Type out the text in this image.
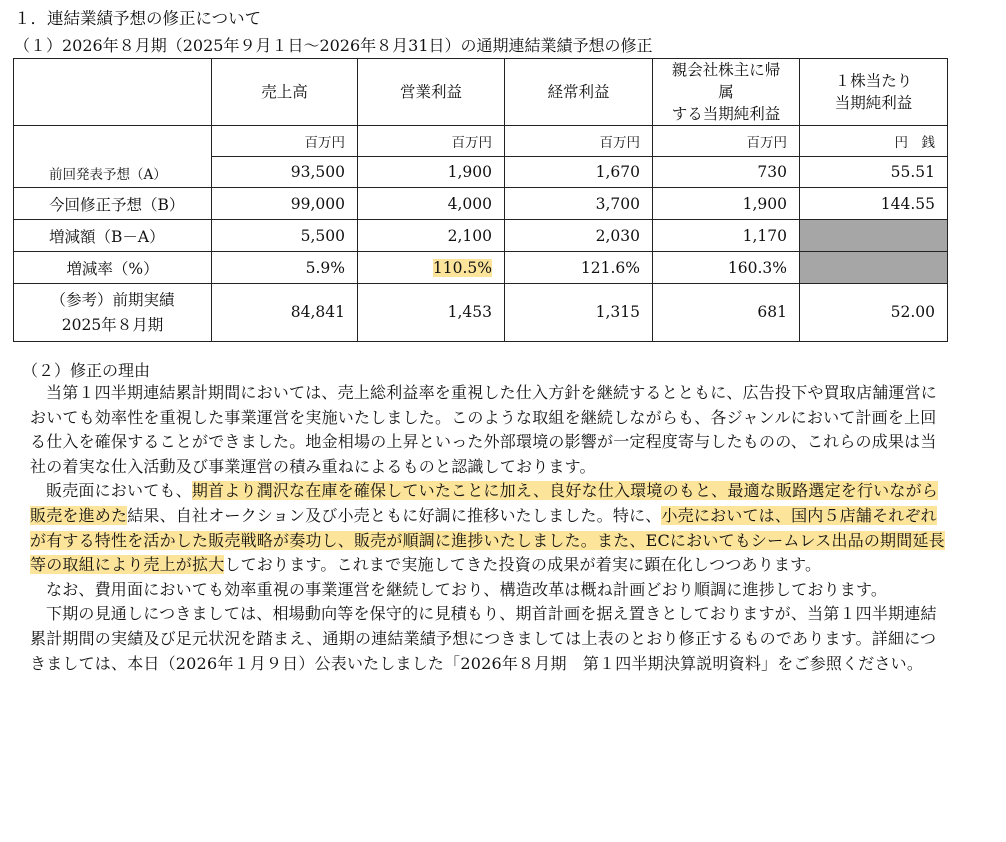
１．連結業績予想の修正について
（１）2026年８月期（2025年９月１日～2026年８月31日）の通期連結業績予想の修正
	売上高	営業利益	経常利益	親会社株主に帰属
する当期純利益	１株当たり
当期純利益
前回発表予想（A）	百万円	百万円	百万円	百万円	円　銭
	93,500	1,900	1,670	730	55.51
今回修正予想（B）	99,000	4,000	3,700	1,900	144.55
増減額（B－A）	5,500	2,100	2,030	1,170	
増減率（%）	5.9%	110.5%	121.6%	160.3%	
（参考）前期実績
2025年８月期	84,841	1,453	1,315	681	52.00
（２）修正の理由

当第１四半期連結累計期間においては、売上総利益率を重視した仕入方針を継続するとともに、広告投下や買取店舗運営においても効率性を重視した事業運営を実施いたしました。このような取組を継続しながらも、各ジャンルにおいて計画を上回る仕入を確保することができました。地金相場の上昇といった外部環境の影響が一定程度寄与したものの、これらの成果は当社の着実な仕入活動及び事業運営の積み重ねによるものと認識しております。

販売面においても、期首より潤沢な在庫を確保していたことに加え、良好な仕入環境のもと、最適な販路選定を行いながら販売を進めた結果、自社オークション及び小売ともに好調に推移いたしました。特に、小売においては、国内５店舗それぞれが有する特性を活かした販売戦略が奏功し、販売が順調に進捗いたしました。また、ECにおいてもシームレス出品の期間延長等の取組により売上が拡大しております。これまで実施してきた投資の成果が着実に顕在化しつつあります。

なお、費用面においても効率重視の事業運営を継続しており、構造改革は概ね計画どおり順調に進捗しております。

下期の見通しにつきましては、相場動向等を保守的に見積もり、期首計画を据え置きとしておりますが、当第１四半期連結累計期間の実績及び足元状況を踏まえ、通期の連結業績予想につきましては上表のとおり修正するものであります。詳細につきましては、本日（2026年１月９日）公表いたしました「2026年８月期　第１四半期決算説明資料」をご参照ください。
